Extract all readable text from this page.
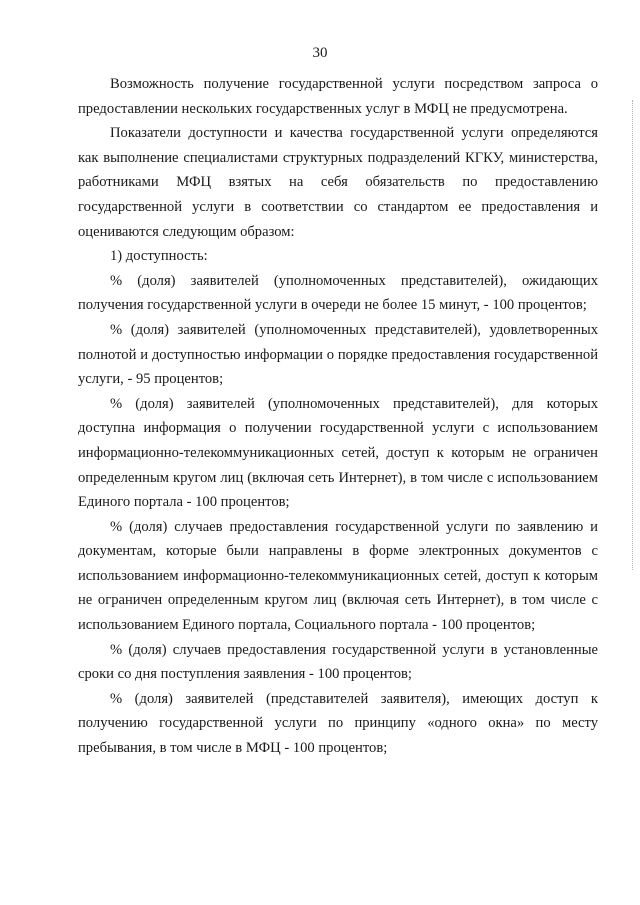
30

Возможность получение государственной услуги посредством запроса о предоставлении нескольких государственных услуг в МФЦ не предусмотрена.

Показатели доступности и качества государственной услуги определяются как выполнение специалистами структурных подразделений КГКУ, министерства, работниками МФЦ взятых на себя обязательств по предоставлению государственной услуги в соответствии со стандартом ее предоставления и оцениваются следующим образом:

1) доступность:

% (доля) заявителей (уполномоченных представителей), ожидающих получения государственной услуги в очереди не более 15 минут, - 100 процентов;

% (доля) заявителей (уполномоченных представителей), удовлетворенных полнотой и доступностью информации о порядке предоставления государственной услуги, - 95 процентов;

% (доля) заявителей (уполномоченных представителей), для которых доступна информация о получении государственной услуги с использованием информационно-телекоммуникационных сетей, доступ к которым не ограничен определенным кругом лиц (включая сеть Интернет), в том числе с использованием Единого портала - 100 процентов;

% (доля) случаев предоставления государственной услуги по заявлению и документам, которые были направлены в форме электронных документов с использованием информационно-телекоммуникационных сетей, доступ к которым не ограничен определенным кругом лиц (включая сеть Интернет), в том числе с использованием Единого портала, Социального портала - 100 процентов;

% (доля) случаев предоставления государственной услуги в установленные сроки со дня поступления заявления - 100 процентов;

% (доля) заявителей (представителей заявителя), имеющих доступ к получению государственной услуги по принципу «одного окна» по месту пребывания, в том числе в МФЦ - 100 процентов;
